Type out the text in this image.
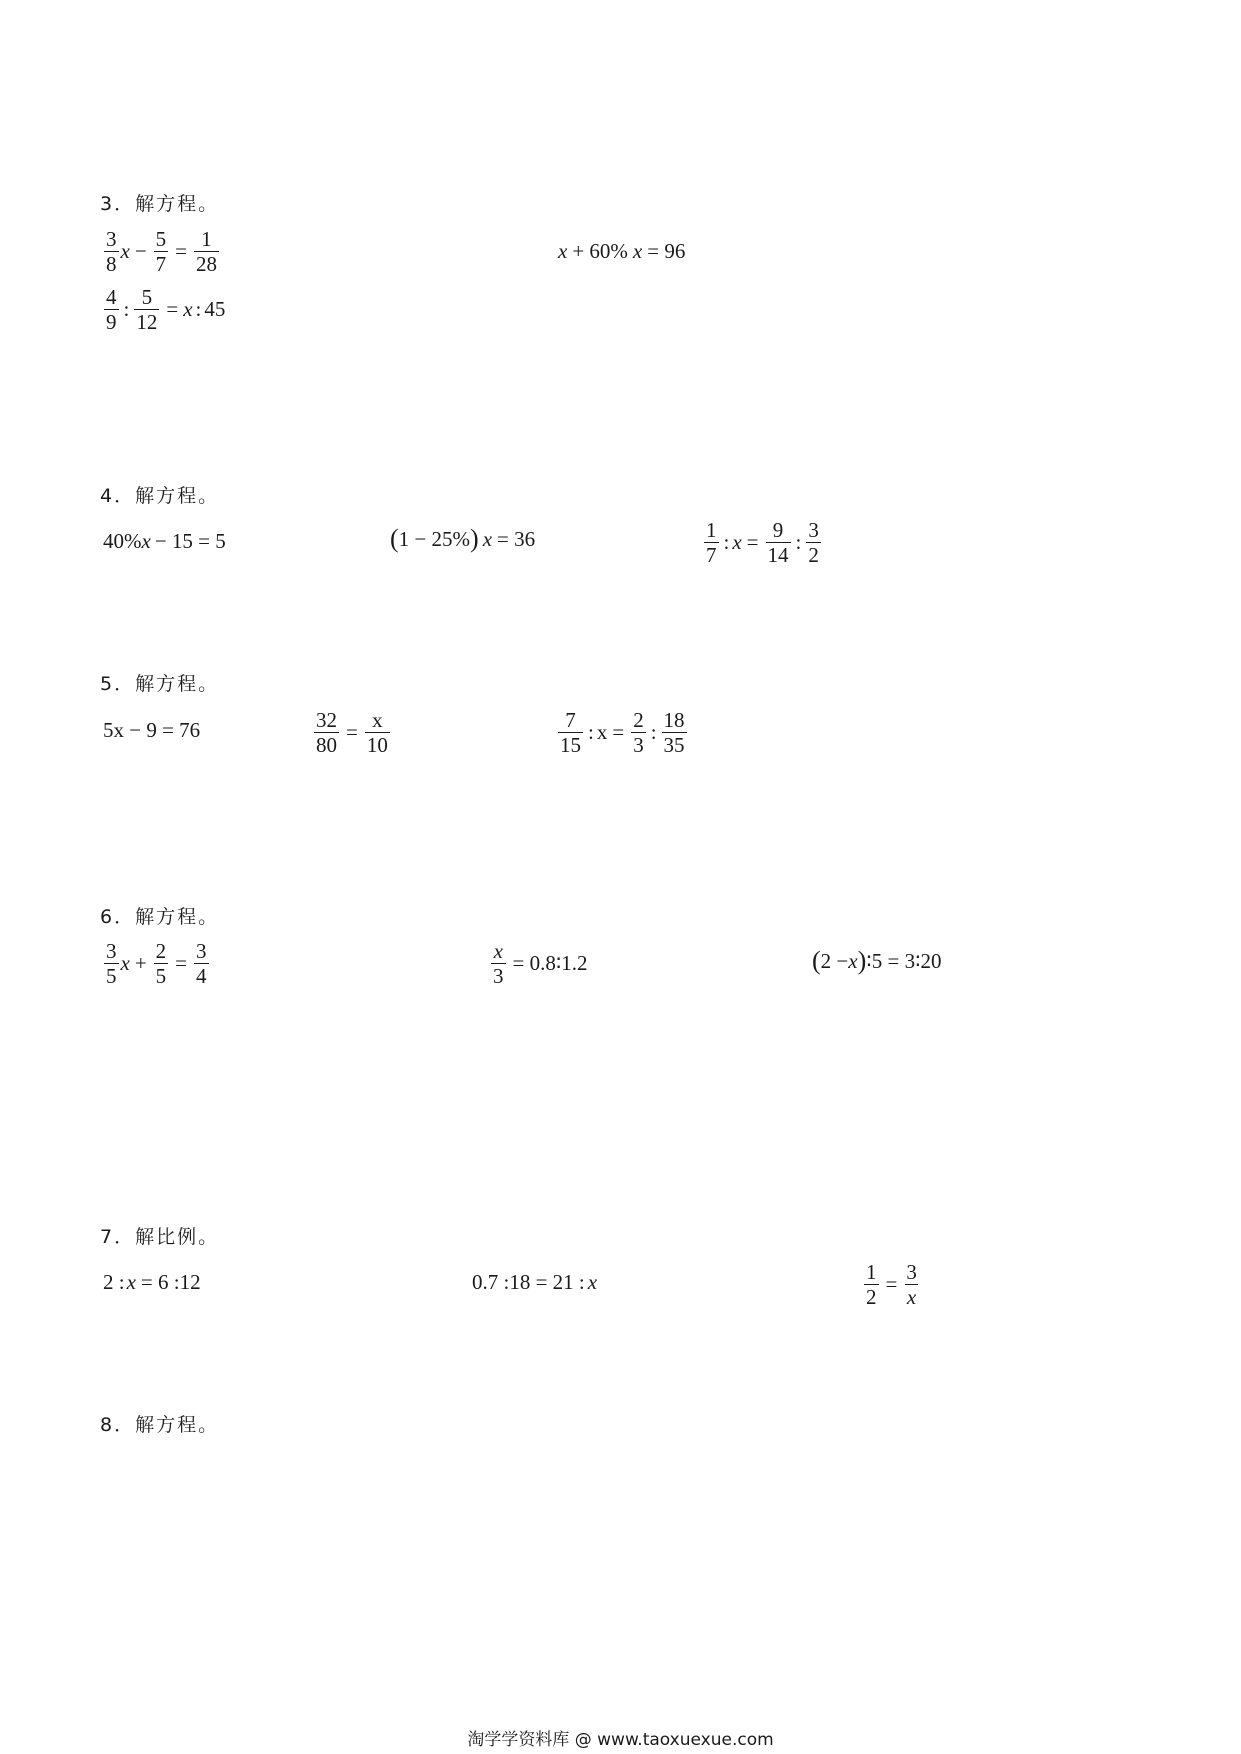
3．解方程。
$\frac{3}{8}$ $x - \frac{5}{7} = \frac{1}{28}$	x + 60% x = 96
$\frac{4}{9}$ : $\frac{5}{12} = x$ : 45
4．解方程。
40% x − 15 = 5	( 1 − 25% ) x = 36	$\frac{1}{7}$ : $x = \frac{9}{14}$ : $\frac{3}{2}$
5．解方程。
5x − 9 = 76	$\frac{32}{80} = \frac{x}{10}$	$\frac{7}{15}$ : $x = \frac{2}{3}$ : $\frac{18}{35}$
6．解方程。
$\frac{3}{5}$ $x + \frac{2}{5} = \frac{3}{4}$	$\frac{x}{3}$ = 0.8∶1.2	( 2 − x ) ∶5 = 3∶20
7．解比例。
2 : x = 6 :12	0.7 :18 = 21 : x	$\frac{1}{2} = \frac{3}{x}$
8．解方程。
淘学学资料库 @ www.taoxuexue.com
